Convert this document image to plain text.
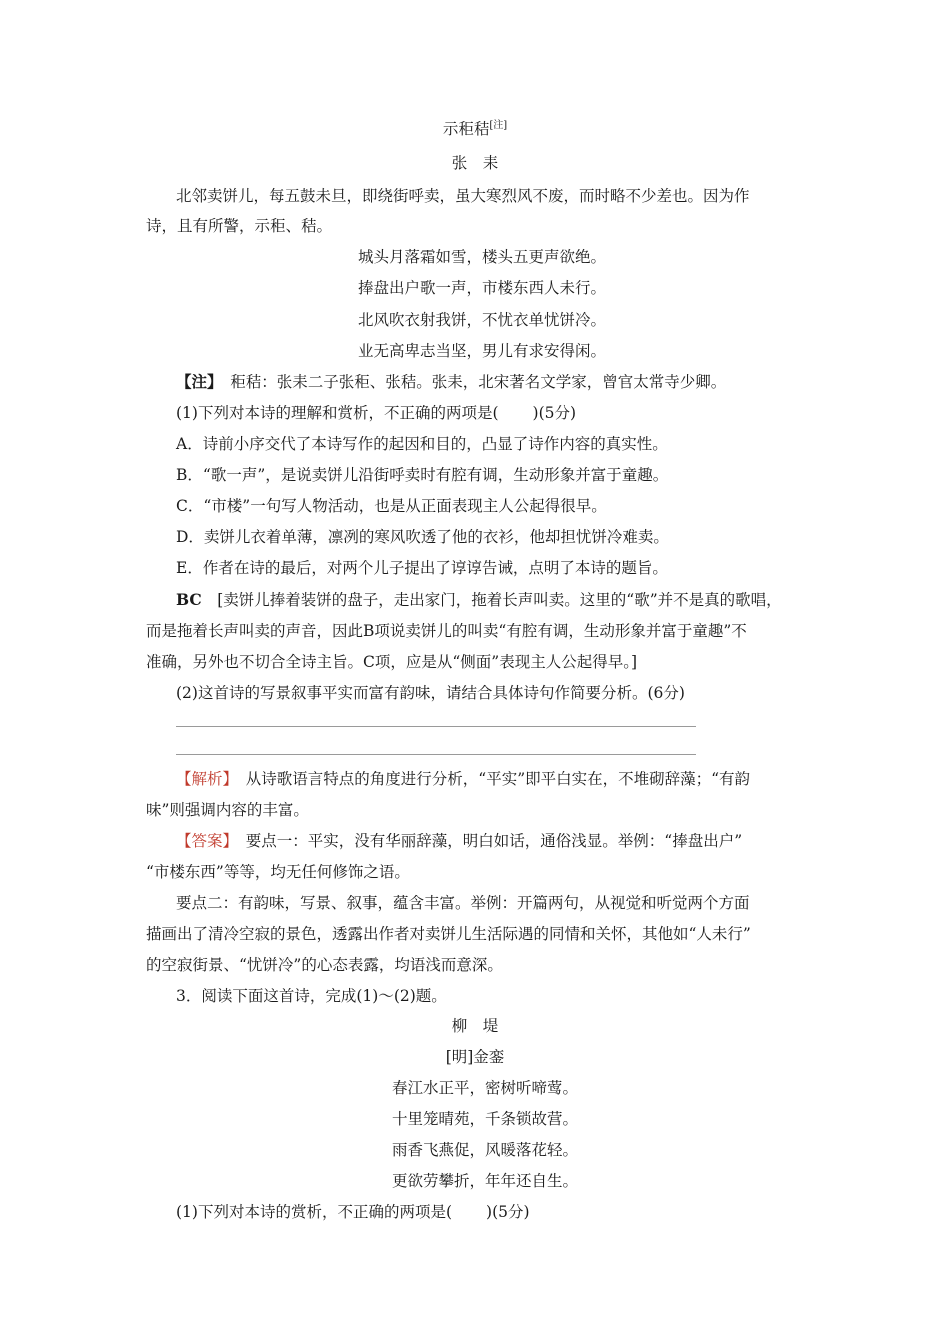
示秬秸[注]
张　耒
北邻卖饼儿，每五鼓未旦，即绕街呼卖，虽大寒烈风不废，而时略不少差也。因为作
诗，且有所警，示秬、秸。
城头月落霜如雪，楼头五更声欲绝。
捧盘出户歌一声，市楼东西人未行。
北风吹衣射我饼，不忧衣单忧饼冷。
业无高卑志当坚，男儿有求安得闲。
【注】　 秬秸：张耒二子张秬、张秸。张耒，北宋著名文学家，曾官太常寺少卿。
(1)下列对本诗的理解和赏析，不正确的两项是( )(5分)
A．诗前小序交代了本诗写作的起因和目的，凸显了诗作内容的真实性。
B．“歌一声”，是说卖饼儿沿街呼卖时有腔有调，生动形象并富于童趣。
C．“市楼”一句写人物活动，也是从正面表现主人公起得很早。
D．卖饼儿衣着单薄，凛冽的寒风吹透了他的衣衫，他却担忧饼冷难卖。
E．作者在诗的最后，对两个儿子提出了谆谆告诫，点明了本诗的题旨。
BC　 [卖饼儿捧着装饼的盘子，走出家门，拖着长声叫卖。这里的“歌”并不是真的歌唱，
而是拖着长声叫卖的声音，因此B项说卖饼儿的叫卖“有腔有调，生动形象并富于童趣”不
准确，另外也不切合全诗主旨。C项，应是从“侧面”表现主人公起得早。]
(2)这首诗的写景叙事平实而富有韵味，请结合具体诗句作简要分析。(6分)
【解析】　 从诗歌语言特点的角度进行分析，“平实”即平白实在，不堆砌辞藻；“有韵
味”则强调内容的丰富。
【答案】　 要点一：平实，没有华丽辞藻，明白如话，通俗浅显。举例：“捧盘出户”
“市楼东西”等等，均无任何修饰之语。
要点二：有韵味，写景、叙事，蕴含丰富。举例：开篇两句，从视觉和听觉两个方面
描画出了清冷空寂的景色，透露出作者对卖饼儿生活际遇的同情和关怀，其他如“人未行”
的空寂街景、“忧饼冷”的心态表露，均语浅而意深。
3．阅读下面这首诗，完成(1)～(2)题。
柳　堤
[明]金銮
春江水正平，密树听啼莺。
十里笼晴苑，千条锁故营。
雨香飞燕促，风暖落花轻。
更欲劳攀折，年年还自生。
(1)下列对本诗的赏析，不正确的两项是( )(5分)
